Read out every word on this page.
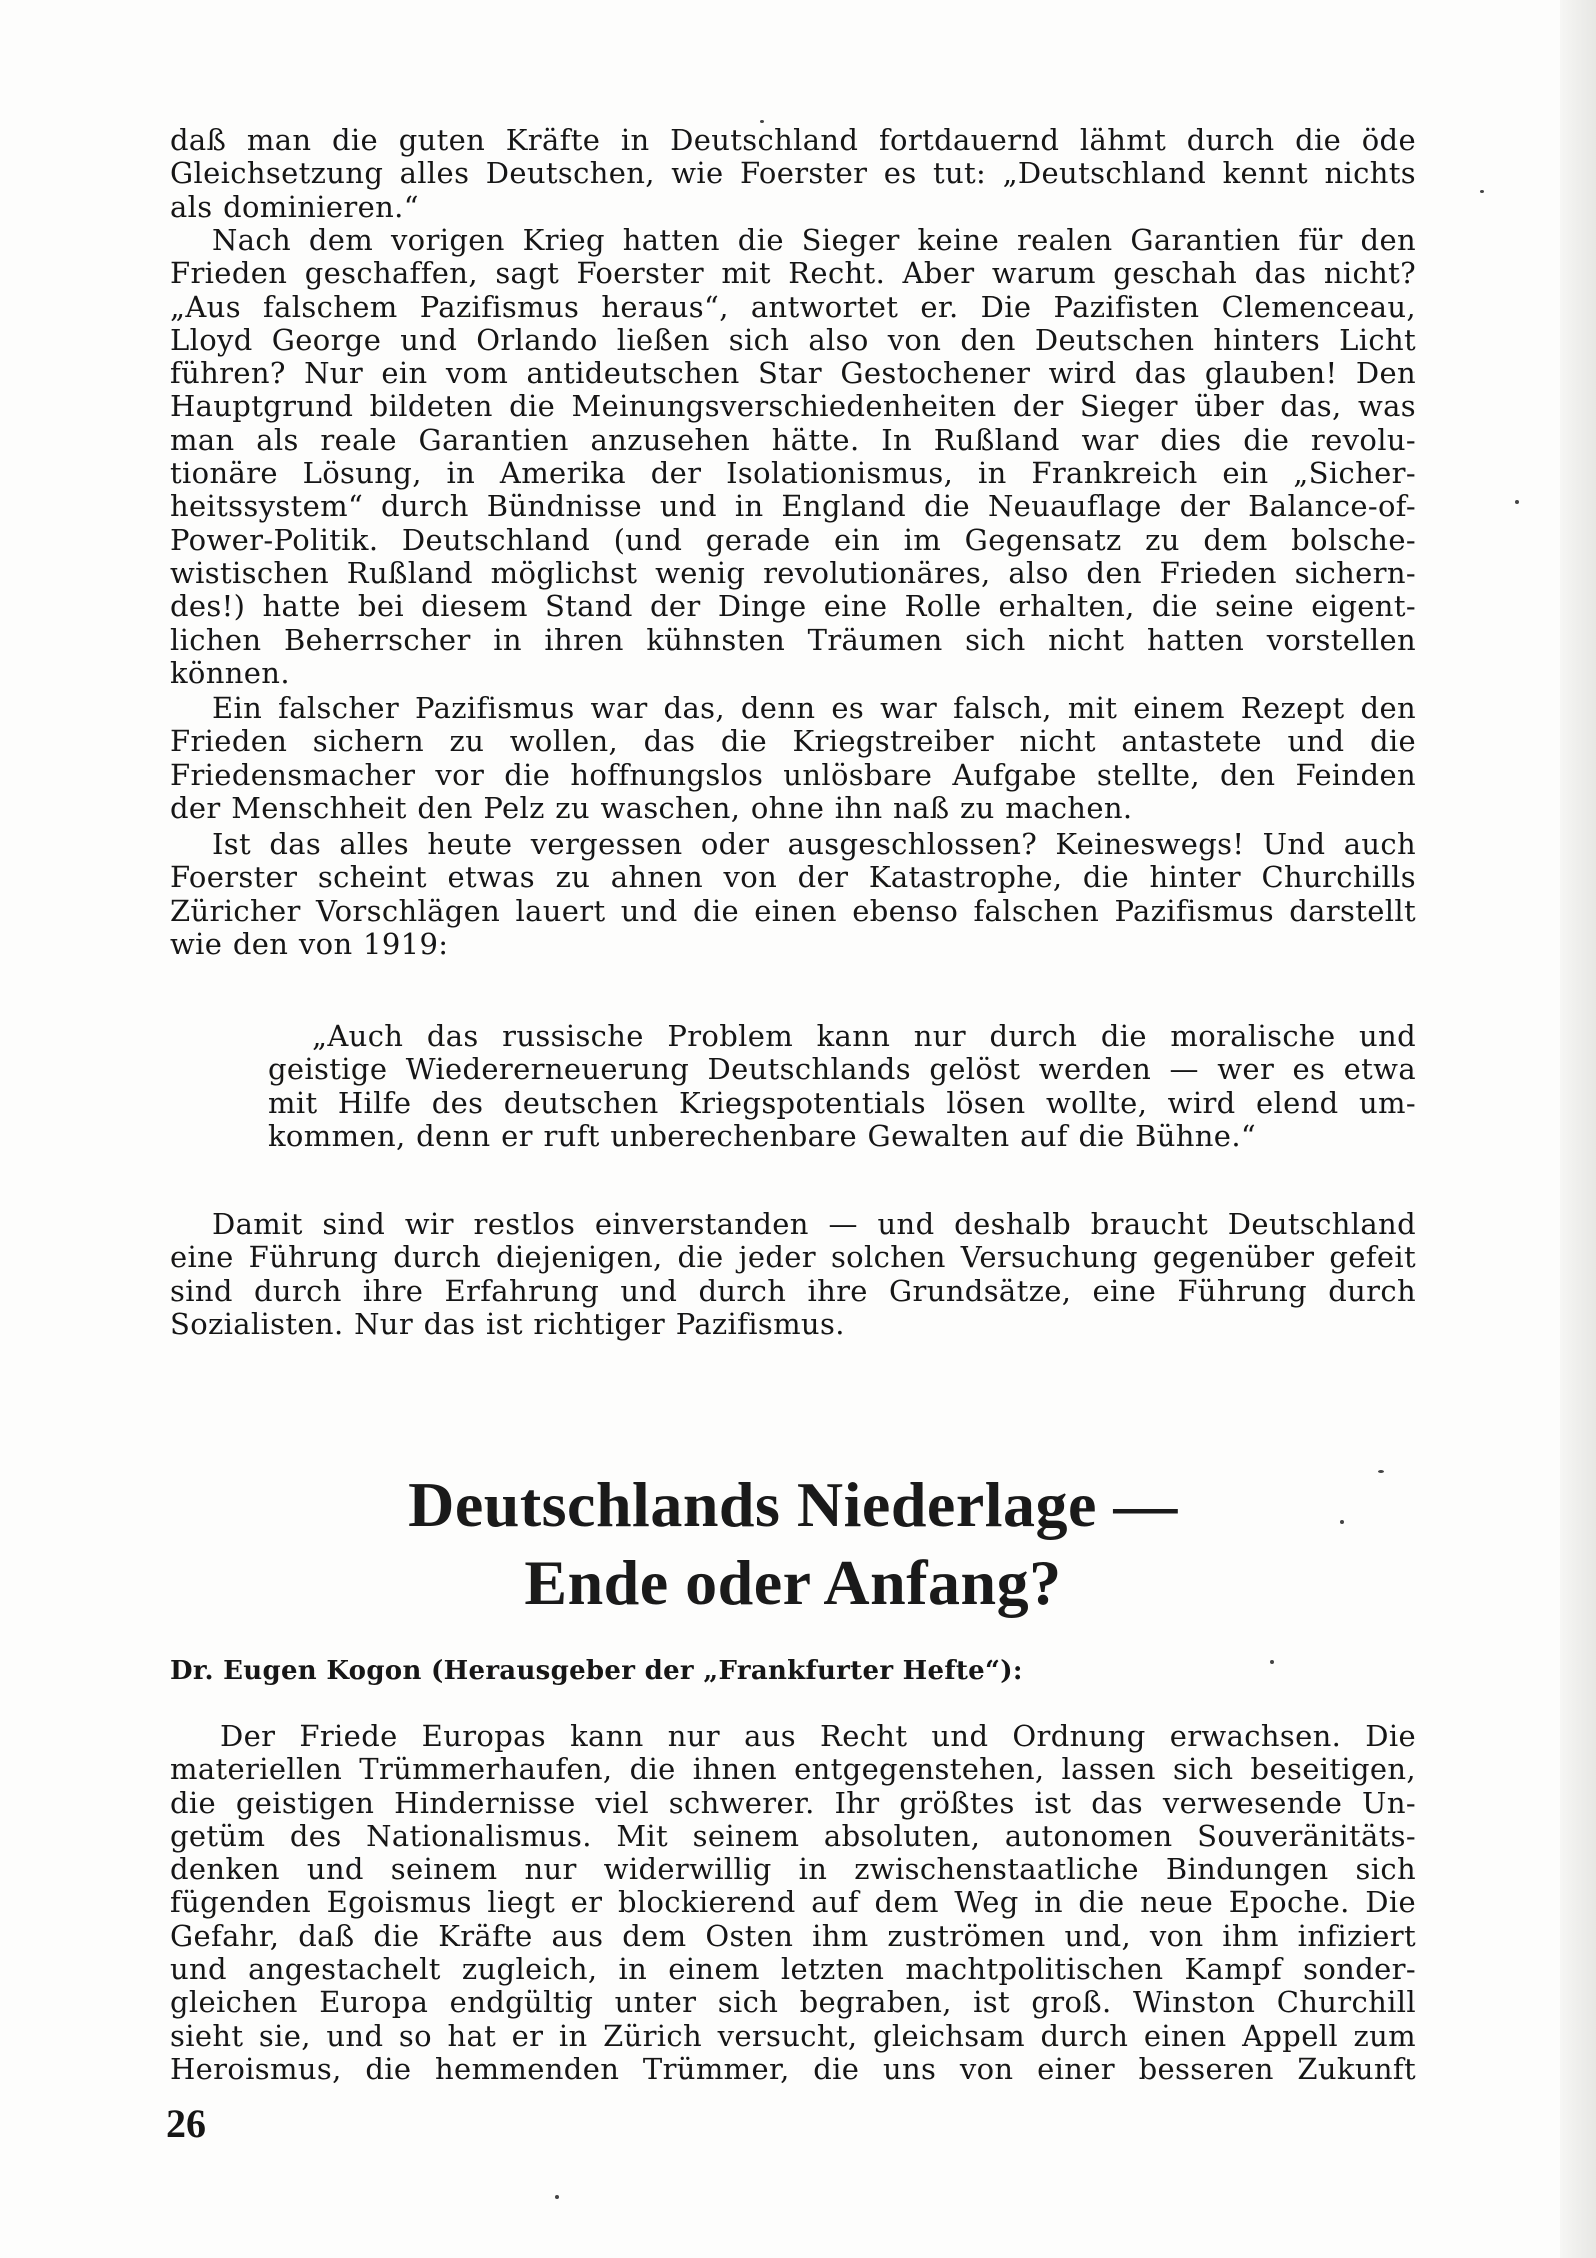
daß man die guten Kräfte in Deutschland fortdauernd lähmt durch die öde
Gleichsetzung alles Deutschen, wie Foerster es tut: „Deutschland kennt nichts
als dominieren.“

Nach dem vorigen Krieg hatten die Sieger keine realen Garantien für den
Frieden geschaffen, sagt Foerster mit Recht. Aber warum geschah das nicht?
„Aus falschem Pazifismus heraus“, antwortet er. Die Pazifisten Clemenceau,
Lloyd George und Orlando ließen sich also von den Deutschen hinters Licht
führen? Nur ein vom antideutschen Star Gestochener wird das glauben! Den
Hauptgrund bildeten die Meinungsverschiedenheiten der Sieger über das, was
man als reale Garantien anzusehen hätte. In Rußland war dies die revolu-
tionäre Lösung, in Amerika der Isolationismus, in Frankreich ein „Sicher-
heitssystem“ durch Bündnisse und in England die Neuauflage der Balance-of-
Power-Politik. Deutschland (und gerade ein im Gegensatz zu dem bolsche-
wistischen Rußland möglichst wenig revolutionäres, also den Frieden sichern-
des!) hatte bei diesem Stand der Dinge eine Rolle erhalten, die seine eigent-
lichen Beherrscher in ihren kühnsten Träumen sich nicht hatten vorstellen
können.

Ein falscher Pazifismus war das, denn es war falsch, mit einem Rezept den
Frieden sichern zu wollen, das die Kriegstreiber nicht antastete und die
Friedensmacher vor die hoffnungslos unlösbare Aufgabe stellte, den Feinden
der Menschheit den Pelz zu waschen, ohne ihn naß zu machen.

Ist das alles heute vergessen oder ausgeschlossen? Keineswegs! Und auch
Foerster scheint etwas zu ahnen von der Katastrophe, die hinter Churchills
Züricher Vorschlägen lauert und die einen ebenso falschen Pazifismus darstellt
wie den von 1919:

„Auch das russische Problem kann nur durch die moralische und
geistige Wiedererneuerung Deutschlands gelöst werden — wer es etwa
mit Hilfe des deutschen Kriegspotentials lösen wollte, wird elend um-
kommen, denn er ruft unberechenbare Gewalten auf die Bühne.“

Damit sind wir restlos einverstanden — und deshalb braucht Deutschland
eine Führung durch diejenigen, die jeder solchen Versuchung gegenüber gefeit
sind durch ihre Erfahrung und durch ihre Grundsätze, eine Führung durch
Sozialisten. Nur das ist richtiger Pazifismus.

Deutschlands Niederlage —
Ende oder Anfang?
Dr. Eugen Kogon (Herausgeber der „Frankfurter Hefte“):

Der Friede Europas kann nur aus Recht und Ordnung erwachsen. Die
materiellen Trümmerhaufen, die ihnen entgegenstehen, lassen sich beseitigen,
die geistigen Hindernisse viel schwerer. Ihr größtes ist das verwesende Un-
getüm des Nationalismus. Mit seinem absoluten, autonomen Souveränitäts-
denken und seinem nur widerwillig in zwischenstaatliche Bindungen sich
fügenden Egoismus liegt er blockierend auf dem Weg in die neue Epoche. Die
Gefahr, daß die Kräfte aus dem Osten ihm zuströmen und, von ihm infiziert
und angestachelt zugleich, in einem letzten machtpolitischen Kampf sonder-
gleichen Europa endgültig unter sich begraben, ist groß. Winston Churchill
sieht sie, und so hat er in Zürich versucht, gleichsam durch einen Appell zum
Heroismus, die hemmenden Trümmer, die uns von einer besseren Zukunft

26
